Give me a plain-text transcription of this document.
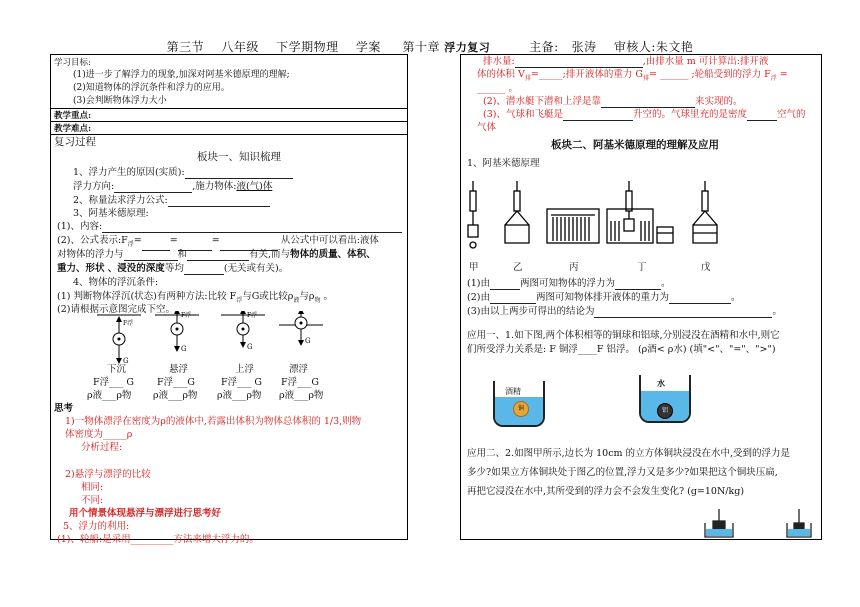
第三节    八年级    下学期物理    学案     第十章 浮力复习         主备:   张涛    审核人:朱文艳
学习目标:
(1)进一步了解浮力的现象,加深对阿基米德原理的理解;
(2)知道物体的浮沉条件和浮力的应用。
(3)会判断物体浮力大小
教学重点:
教学难点:
复习过程
板块一、知识梳理
1、浮力产生的原因(实质):
浮力方向:	,施力物体:液(气)体
2、称量法求浮力公式:
3、阿基米德原理:
(1)、内容:
(2)、公式表示$:F_浮=$	=	=	从公式中可以看出:液体
对物体的浮力与	和	有关,而与物体的质量、体积、
重力、形状 、浸没的深度等均	(无关或有关)。
4、物体的浮沉条件:
(1) 判断物体浮沉(状态)有两种方法:比较 $F_浮$与G或比较$\rho_液$与$\rho_物$ 。
(2)请根据示意图完成下空。
F浮
G
F浮
G
F浮
G
G
下沉	悬浮	上浮	漂浮
F浮___ G F浮___G	F浮___ G F浮___G
ρ液___ρ物 ρ液___ρ物 ρ液___ρ物 ρ液___ρ物
思考
1)一物体漂浮在密度为ρ的液体中,若露出体积为物体总体积的 1/3,则物
体密度为_____ρ
分析过程:
2)悬浮与漂浮的比较
相同:
不同:
用个情景体现悬浮与漂浮进行思考好
5、浮力的利用:
(1)、轮船:是采用_________方法来增大浮力的。
排水量:	,由排水量 m 可计算出:排开液
体的体积 $V_排=\_\_\_\_\_$;排开液体的重力 $G_排=$ ______ ;轮船受到的浮力 $F_浮$ =
______ 。
(2)、潜水艇下潜和上浮是靠	来实现的。
(3)、气球和飞艇是	升空的。气球里充的是密度	空气的
气体
板块二、阿基米德原理的理解及应用
1、阿基米德原理
甲	乙	丙	丁	戊
(1)由	两图可知物体的浮力为	。
(2)由	两图可知物体排开液体的重力为	。
(3)由以上两步可得出的结论为	。
应用一、1.如下图,两个体积相等的铜球和铝球,分别浸没在酒精和水中,则它
们所受浮力关系是: F 铜浮____F 铝浮。 (ρ酒< ρ水) (填"<"、"="、">")
铜
酒精
铝
水
应用二、2.如图甲所示,边长为 10cm 的立方体铜块浸没在水中,受到的浮力是
多少?如果立方体铜块处于图乙的位置,浮力又是多少?如果把这个铜块压扁,
再把它浸没在水中,其所受到的浮力会不会发生变化? (g=10N/kg)
